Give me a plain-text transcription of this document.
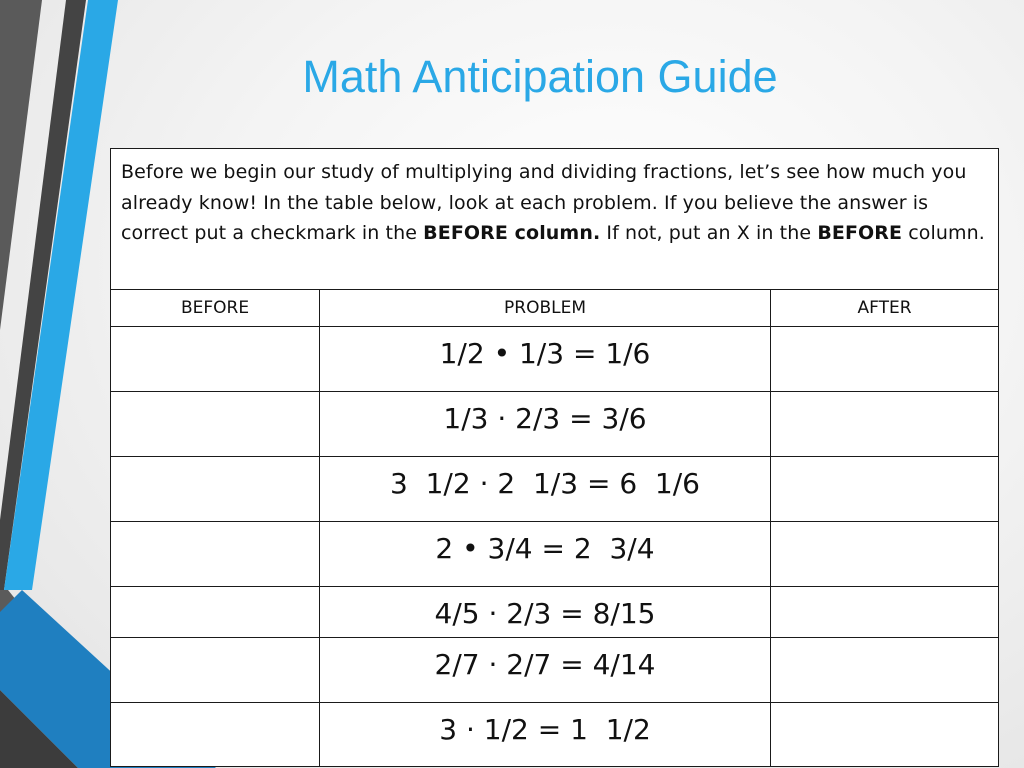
Math Anticipation Guide
Before we begin our study of multiplying and dividing fractions, let’s see how much you already know! In the table below, look at each problem. If you believe the answer is correct put a checkmark in the BEFORE column. If not, put an X in the BEFORE column.		
BEFORE	PROBLEM	AFTER
	1/2 • 1/3 = 1/6	
	1/3 · 2/3 = 3/6	
	3  1/2 · 2  1/3 = 6  1/6	
	2 • 3/4 = 2  3/4	
	4/5 · 2/3 = 8/15	
	2/7 · 2/7 = 4/14	
	3 · 1/2 = 1  1/2	
